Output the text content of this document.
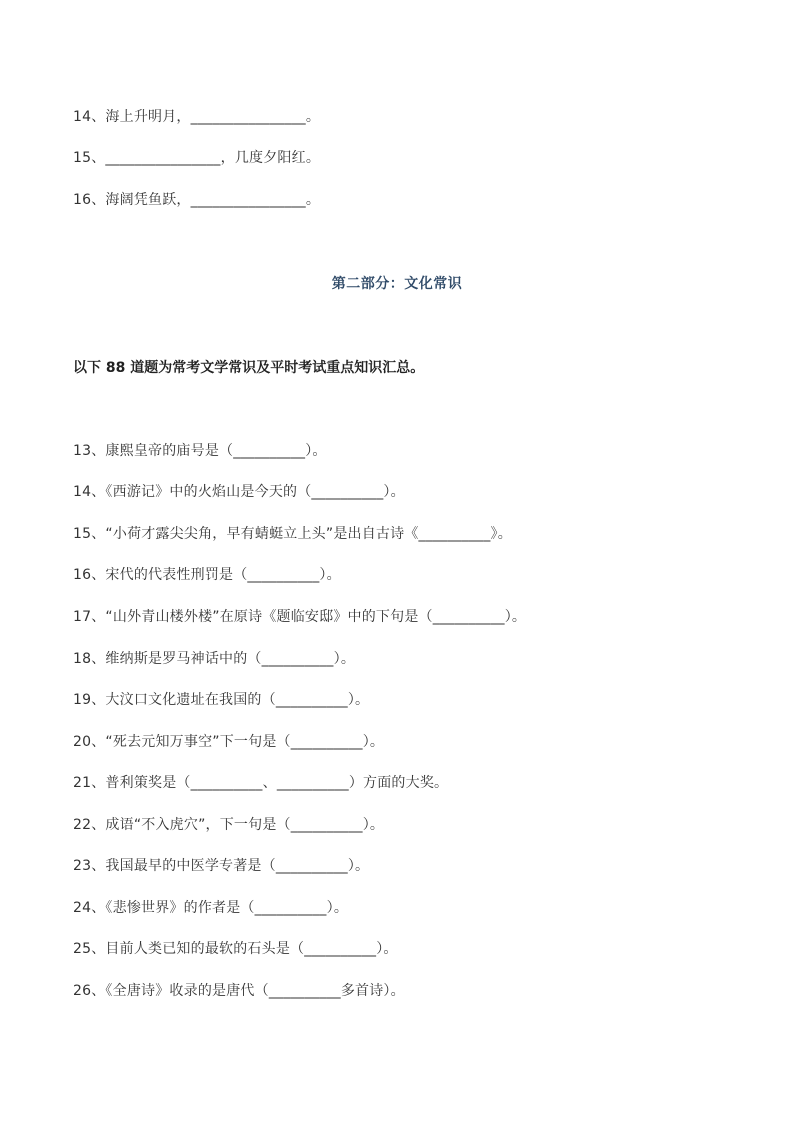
14、海上升明月，________________。
15、________________，几度夕阳红。
16、海阔凭鱼跃，________________。
第二部分：文化常识
以下 88 道题为常考文学常识及平时考试重点知识汇总。
13、康熙皇帝的庙号是（__________）。
14、《西游记》中的火焰山是今天的（__________）。
15、“小荷才露尖尖角，早有蜻蜓立上头”是出自古诗《__________》。
16、宋代的代表性刑罚是（__________）。
17、“山外青山楼外楼”在原诗《题临安邸》中的下句是（__________）。
18、维纳斯是罗马神话中的（__________）。
19、大汶口文化遗址在我国的（__________）。
20、“死去元知万事空”下一句是（__________）。
21、普利策奖是（__________、__________）方面的大奖。
22、成语“不入虎穴”，下一句是（__________）。
23、我国最早的中医学专著是（__________）。
24、《悲惨世界》的作者是（__________）。
25、目前人类已知的最软的石头是（__________）。
26、《全唐诗》收录的是唐代（__________多首诗）。
